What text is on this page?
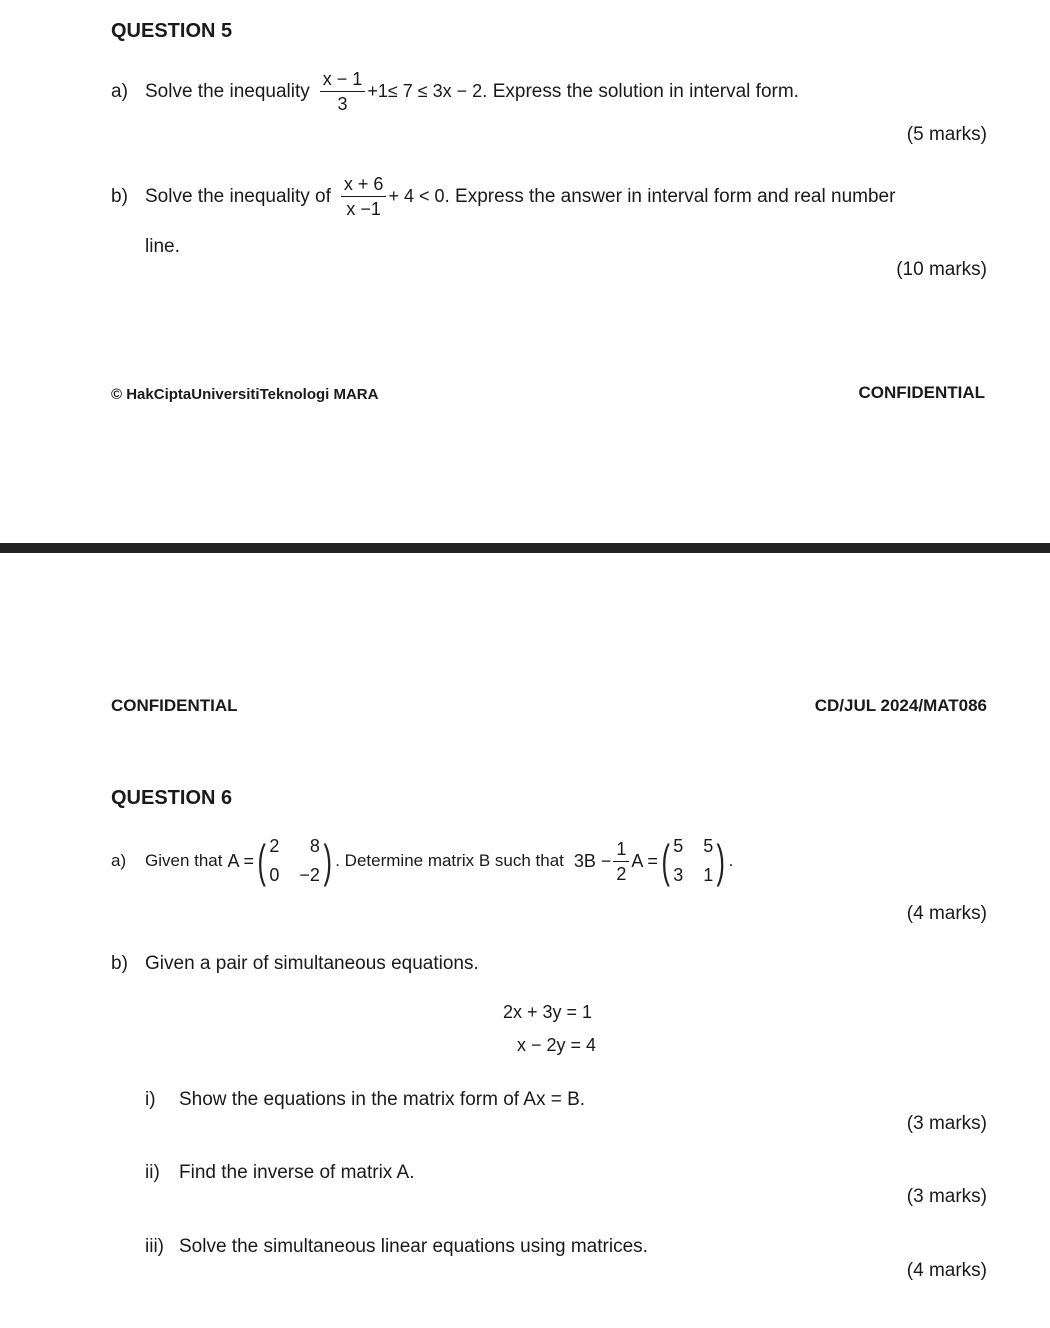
QUESTION 5
a) Solve the inequality $\frac{x - 1}{3} +1\le 7 \le 3x - 2$ . Express the solution in interval form.
(5 marks)
b) Solve the inequality of $\frac{x + 6}{x -1} + 4 < 0$ . Express the answer in interval form and real number
line.
(10 marks)
© HakCiptaUniversitiTeknologi MARA	CONFIDENTIAL
CONFIDENTIAL	CD/JUL 2024/MAT086
QUESTION 6
a)	Given that A = ( 2	8
0 −2 ) . Determine matrix B such that $3B - \frac{1}{2}$ A = ( 5 5
3 1 ) .
(4 marks)
b) Given a pair of simultaneous equations.
2x + 3y = 1
x − 2y = 4
i)	Show the equations in the matrix form of Ax = B.
(3 marks)
ii)	Find the inverse of matrix A.
(3 marks)
iii) Solve the simultaneous linear equations using matrices.
(4 marks)
